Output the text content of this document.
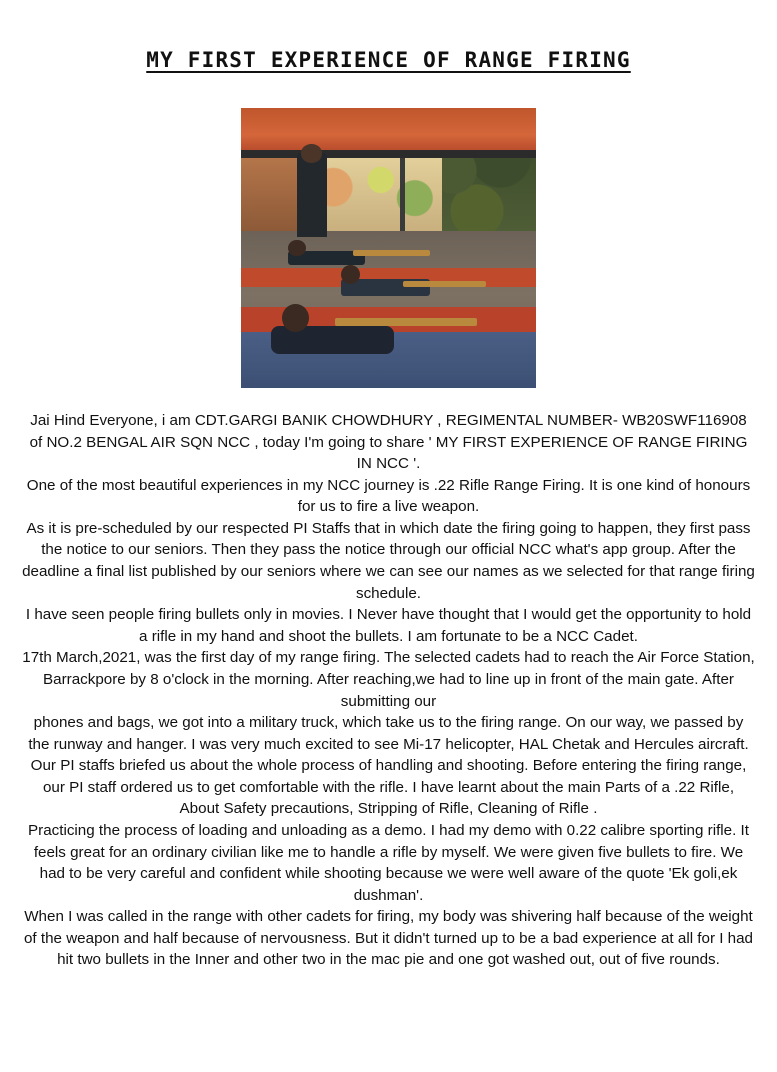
MY FIRST EXPERIENCE OF RANGE FIRING

Jai Hind Everyone, i am CDT.GARGI BANIK CHOWDHURY , REGIMENTAL NUMBER- WB20SWF116908 of NO.2 BENGAL AIR SQN NCC , today I'm going to share ' MY FIRST EXPERIENCE OF RANGE FIRING IN NCC '.

One of the most beautiful experiences in my NCC journey is .22 Rifle Range Firing. It is one kind of honours for us to fire a live weapon.

As it is pre-scheduled by our respected PI Staffs that in which date the firing going to happen, they first pass the notice to our seniors. Then they pass the notice through our official NCC what's app group. After the deadline a final list published by our seniors where we can see our names as we selected for that range firing schedule.

I have seen people firing bullets only in movies. I Never have thought that I would get the opportunity to hold a rifle in my hand and shoot the bullets. I am fortunate to be a NCC Cadet.

17th March,2021, was the first day of my range firing. The selected cadets had to reach the Air Force Station, Barrackpore by 8 o'clock in the morning. After reaching,we had to line up in front of the main gate. After submitting our

phones and bags, we got into a military truck, which take us to the firing range. On our way, we passed by the runway and hanger. I was very much excited to see Mi-17 helicopter, HAL Chetak and Hercules aircraft. Our PI staffs briefed us about the whole process of handling and shooting. Before entering the firing range, our PI staff ordered us to get comfortable with the rifle. I have learnt about the main Parts of a .22 Rifle, About Safety precautions, Stripping of Rifle, Cleaning of Rifle .

Practicing the process of loading and unloading as a demo. I had my demo with 0.22 calibre sporting rifle. It feels great for an ordinary civilian like me to handle a rifle by myself. We were given five bullets to fire. We had to be very careful and confident while shooting because we were well aware of the quote 'Ek goli,ek dushman'.

When I was called in the range with other cadets for firing, my body was shivering half because of the weight of the weapon and half because of nervousness. But it didn't turned up to be a bad experience at all for I had hit two bullets in the Inner and other two in the mac pie and one got washed out, out of five rounds.
